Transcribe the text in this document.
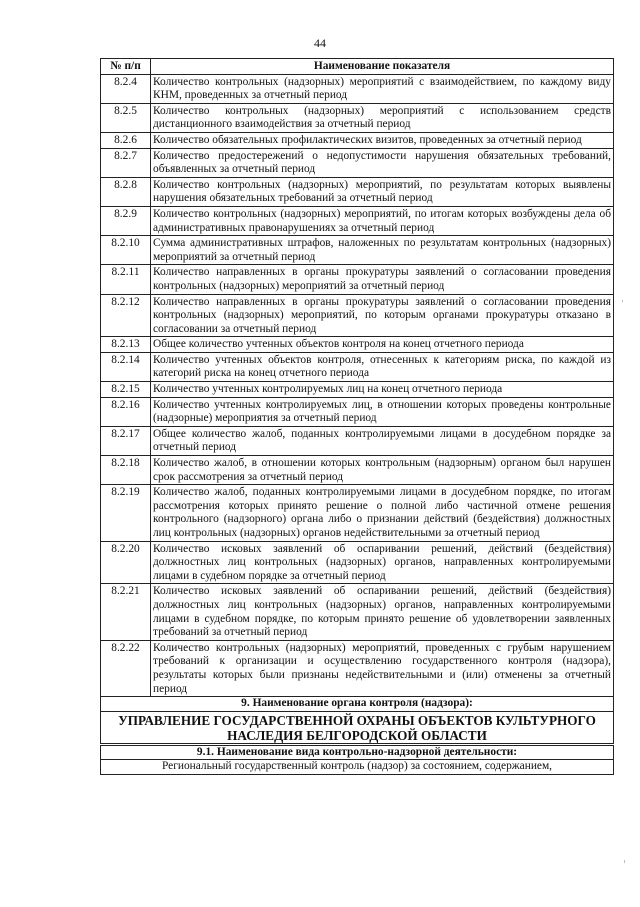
44
№ п/п	Наименование показателя
8.2.4	Количество контрольных (надзорных) мероприятий с взаимодействием, по каждому виду КНМ, проведенных за отчетный период
8.2.5	Количество контрольных (надзорных) мероприятий с использованием средств дистанционного взаимодействия за отчетный период
8.2.6	Количество обязательных профилактических визитов, проведенных за отчетный период
8.2.7	Количество предостережений о недопустимости нарушения обязательных требований, объявленных за отчетный период
8.2.8	Количество контрольных (надзорных) мероприятий, по результатам которых выявлены нарушения обязательных требований за отчетный период
8.2.9	Количество контрольных (надзорных) мероприятий, по итогам которых возбуждены дела об административных правонарушениях за отчетный период
8.2.10	Сумма административных штрафов, наложенных по результатам контрольных (надзорных) мероприятий за отчетный период
8.2.11	Количество направленных в органы прокуратуры заявлений о согласовании проведения контрольных (надзорных) мероприятий за отчетный период
8.2.12	Количество направленных в органы прокуратуры заявлений о согласовании проведения контрольных (надзорных) мероприятий, по которым органами прокуратуры отказано в согласовании за отчетный период
8.2.13	Общее количество учтенных объектов контроля на конец отчетного периода
8.2.14	Количество учтенных объектов контроля, отнесенных к категориям риска, по каждой из категорий риска на конец отчетного периода
8.2.15	Количество учтенных контролируемых лиц на конец отчетного периода
8.2.16	Количество учтенных контролируемых лиц, в отношении которых проведены контрольные (надзорные) мероприятия за отчетный период
8.2.17	Общее количество жалоб, поданных контролируемыми лицами в досудебном порядке за отчетный период
8.2.18	Количество жалоб, в отношении которых контрольным (надзорным) органом был нарушен срок рассмотрения за отчетный период
8.2.19	Количество жалоб, поданных контролируемыми лицами в досудебном порядке, по итогам рассмотрения которых принято решение о полной либо частичной отмене решения контрольного (надзорного) органа либо о признании действий (бездействия) должностных лиц контрольных (надзорных) органов недействительными за отчетный период
8.2.20	Количество исковых заявлений об оспаривании решений, действий (бездействия) должностных лиц контрольных (надзорных) органов, направленных контролируемыми лицами в судебном порядке за отчетный период
8.2.21	Количество исковых заявлений об оспаривании решений, действий (бездействия) должностных лиц контрольных (надзорных) органов, направленных контролируемыми лицами в судебном порядке, по которым принято решение об удовлетворении заявленных требований за отчетный период
8.2.22	Количество контрольных (надзорных) мероприятий, проведенных с грубым нарушением требований к организации и осуществлению государственного контроля (надзора), результаты которых были признаны недействительными и (или) отменены за отчетный период
9. Наименование органа контроля (надзора):	
УПРАВЛЕНИЕ ГОСУДАРСТВЕННОЙ ОХРАНЫ ОБЪЕКТОВ КУЛЬТУРНОГО НАСЛЕДИЯ БЕЛГОРОДСКОЙ ОБЛАСТИ	
9.1. Наименование вида контрольно-надзорной деятельности:	
Региональный государственный контроль (надзор) за состоянием, содержанием,	
